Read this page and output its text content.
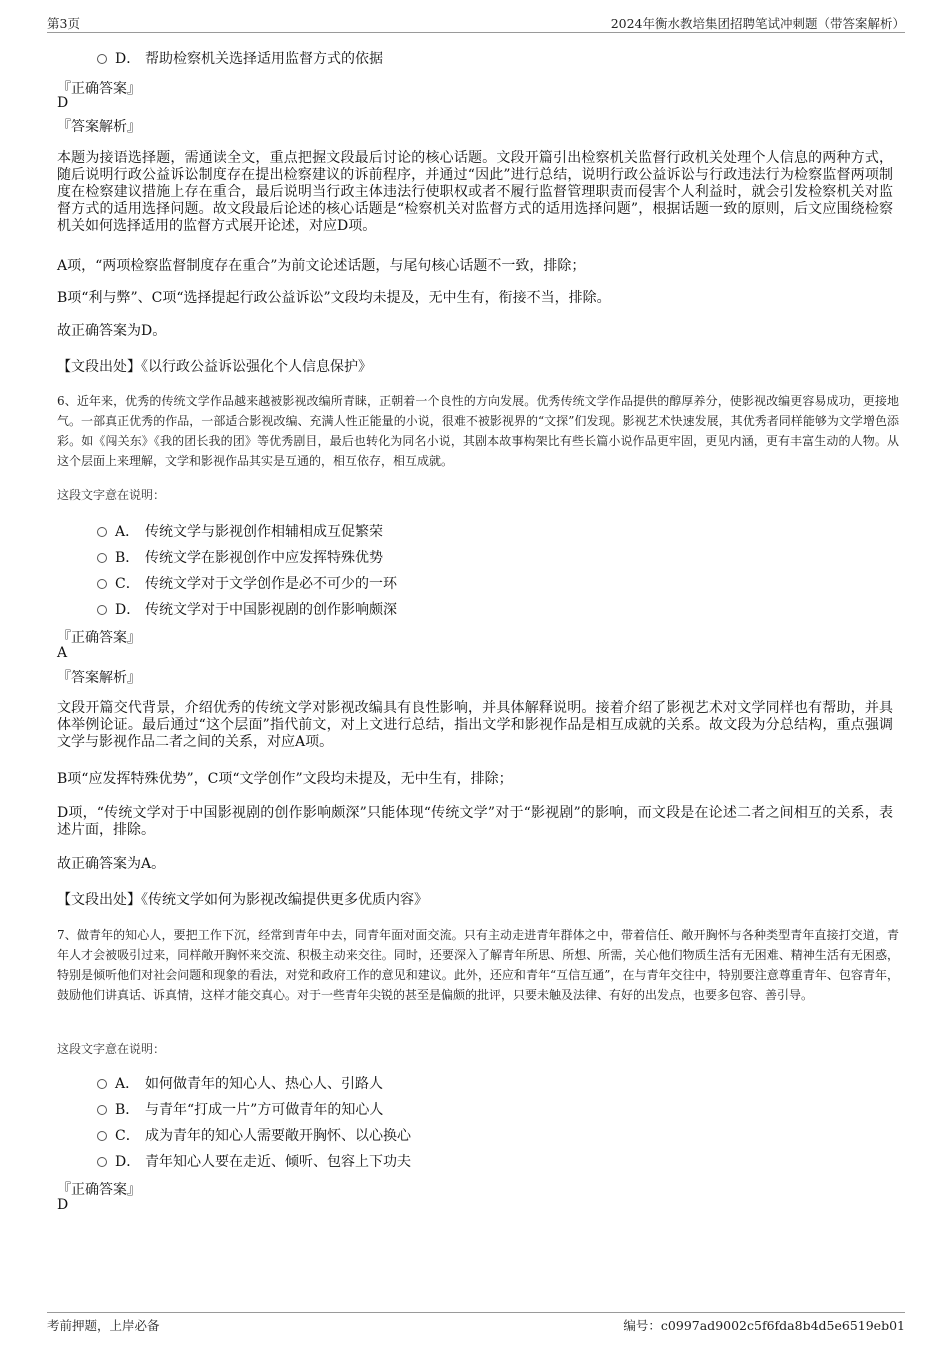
第3页	2024年衡水教培集团招聘笔试冲刺题（带答案解析）
D． 帮助检察机关选择适用监督方式的依据
『正确答案』
D
『答案解析』
本题为接语选择题，需通读全文，重点把握文段最后讨论的核心话题。文段开篇引出检察机关监督行政机关处理个人信息的两种方式，随后说明行政公益诉讼制度存在提出检察建议的诉前程序，并通过“因此”进行总结，说明行政公益诉讼与行政违法行为检察监督两项制度在检察建议措施上存在重合，最后说明当行政主体违法行使职权或者不履行监督管理职责而侵害个人利益时，就会引发检察机关对监督方式的适用选择问题。故文段最后论述的核心话题是“检察机关对监督方式的适用选择问题”，根据话题一致的原则，后文应围绕检察机关如何选择适用的监督方式展开论述，对应D项。
A项，“两项检察监督制度存在重合”为前文论述话题，与尾句核心话题不一致，排除；
B项“利与弊”、C项“选择提起行政公益诉讼”文段均未提及，无中生有，衔接不当，排除。
故正确答案为D。
【文段出处】《以行政公益诉讼强化个人信息保护》
6、近年来，优秀的传统文学作品越来越被影视改编所青睐，正朝着一个良性的方向发展。优秀传统文学作品提供的醇厚养分，使影视改编更容易成功，更接地气。一部真正优秀的作品，一部适合影视改编、充满人性正能量的小说，很难不被影视界的“文探”们发现。影视艺术快速发展，其优秀者同样能够为文学增色添彩。如《闯关东》《我的团长我的团》等优秀剧目，最后也转化为同名小说，其剧本故事构架比有些长篇小说作品更牢固，更见内涵，更有丰富生动的人物。从这个层面上来理解，文学和影视作品其实是互通的，相互依存，相互成就。
这段文字意在说明：
A． 传统文学与影视创作相辅相成互促繁荣
B． 传统文学在影视创作中应发挥特殊优势
C． 传统文学对于文学创作是必不可少的一环
D． 传统文学对于中国影视剧的创作影响颇深
『正确答案』
A
『答案解析』
文段开篇交代背景，介绍优秀的传统文学对影视改编具有良性影响，并具体解释说明。接着介绍了影视艺术对文学同样也有帮助，并具体举例论证。最后通过“这个层面”指代前文，对上文进行总结，指出文学和影视作品是相互成就的关系。故文段为分总结构，重点强调文学与影视作品二者之间的关系，对应A项。
B项“应发挥特殊优势”，C项“文学创作”文段均未提及，无中生有，排除；
D项，“传统文学对于中国影视剧的创作影响颇深”只能体现“传统文学”对于“影视剧”的影响，而文段是在论述二者之间相互的关系，表述片面，排除。
故正确答案为A。
【文段出处】《传统文学如何为影视改编提供更多优质内容》
7、做青年的知心人，要把工作下沉，经常到青年中去，同青年面对面交流。只有主动走进青年群体之中，带着信任、敞开胸怀与各种类型青年直接打交道，青年人才会被吸引过来，同样敞开胸怀来交流、积极主动来交往。同时，还要深入了解青年所思、所想、所需，关心他们物质生活有无困难、精神生活有无困惑，特别是倾听他们对社会问题和现象的看法，对党和政府工作的意见和建议。此外，还应和青年“互信互通”，在与青年交往中，特别要注意尊重青年、包容青年，鼓励他们讲真话、诉真情，这样才能交真心。对于一些青年尖锐的甚至是偏颇的批评，只要未触及法律、有好的出发点，也要多包容、善引导。
这段文字意在说明：
A． 如何做青年的知心人、热心人、引路人
B． 与青年“打成一片”方可做青年的知心人
C． 成为青年的知心人需要敞开胸怀、以心换心
D． 青年知心人要在走近、倾听、包容上下功夫
『正确答案』
D
考前押题，上岸必备	编号：c0997ad9002c5f6fda8b4d5e6519eb01
